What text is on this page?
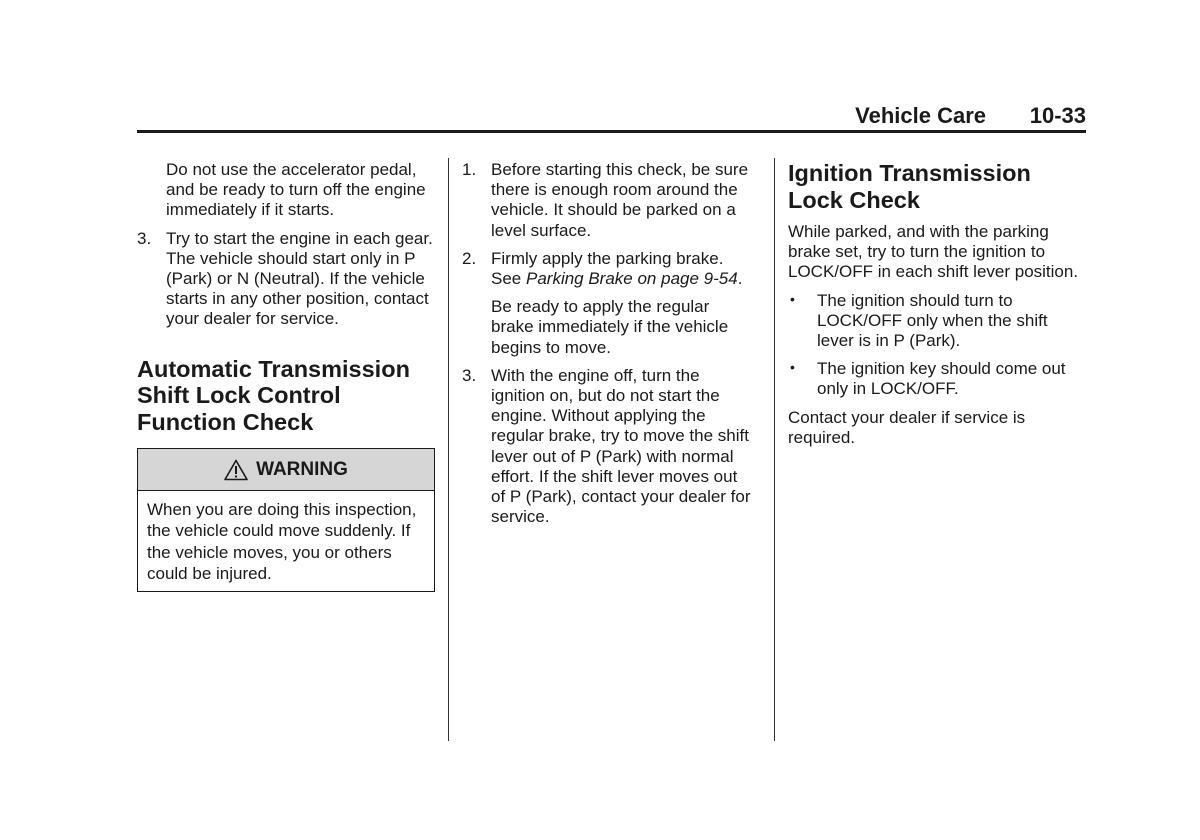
Vehicle Care 10-33

Do not use the accelerator pedal, and be ready to turn off the engine immediately if it starts.

3. Try to start the engine in each gear. The vehicle should start only in P (Park) or N (Neutral). If the vehicle starts in any other position, contact your dealer for service.
Automatic Transmission
Shift Lock Control
Function Check
WARNING
When you are doing this inspection, the vehicle could move suddenly. If the vehicle moves, you or others could be injured.
1. Before starting this check, be sure there is enough room around the vehicle. It should be parked on a level surface.
2. Firmly apply the parking brake. See Parking Brake on page 9-54.

Be ready to apply the regular brake immediately if the vehicle begins to move.

3. With the engine off, turn the ignition on, but do not start the engine. Without applying the regular brake, try to move the shift lever out of P (Park) with normal effort. If the shift lever moves out of P (Park), contact your dealer for service.
Ignition Transmission
Lock Check

While parked, and with the parking brake set, try to turn the ignition to LOCK/OFF in each shift lever position.

• The ignition should turn to LOCK/OFF only when the shift lever is in P (Park).
• The ignition key should come out only in LOCK/OFF.

Contact your dealer if service is required.
